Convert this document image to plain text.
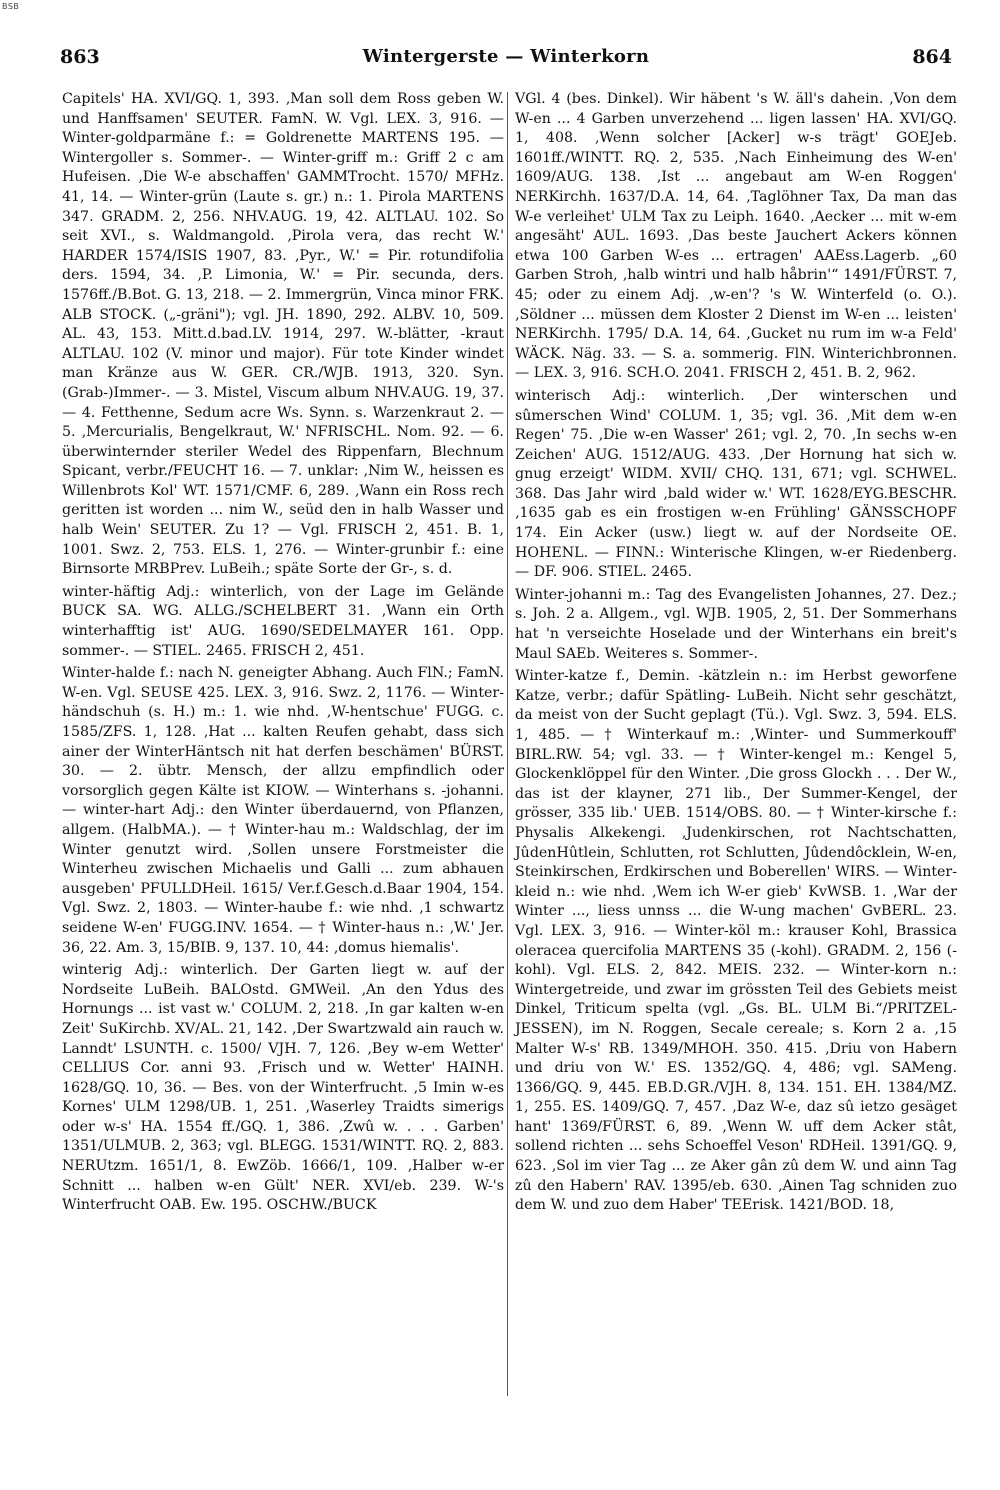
BSB
863	Wintergerste — Winterkorn	864

Capitels' HA. XVI/GQ. 1, 393. ‚Man soll dem Ross geben W. und Hanffsamen' SEUTER. FamN. W. Vgl. LEX. 3, 916. — Winter-goldparmäne f.: = Goldrenette MARTENS 195. — Wintergoller s. Sommer-. — Winter-griff m.: Griff 2 c am Hufeisen. ‚Die W-e abschaffen' GAMMTrocht. 1570/ MFHz. 41, 14. — Winter-grün (Laute s. gr.) n.: 1. Pirola MARTENS 347. GRADM. 2, 256. NHV.AUG. 19, 42. ALTLAU. 102. So seit XVI., s. Waldmangold. ‚Pirola vera, das recht W.' HARDER 1574/ISIS 1907, 83. ‚Pyr., W.' = Pir. rotundifolia ders. 1594, 34. ‚P. Limonia, W.' = Pir. secunda, ders. 1576ff./B.Bot. G. 13, 218. — 2. Immergrün, Vinca minor FRK. ALB STOCK. („-gräni"); vgl. JH. 1890, 292. ALBV. 10, 509. AL. 43, 153. Mitt.d.bad.LV. 1914, 297. W.-blätter, -kraut ALTLAU. 102 (V. minor und major). Für tote Kinder windet man Kränze aus W. GER. CR./WJB. 1913, 320. Syn. (Grab-)Immer-. — 3. Mistel, Viscum album NHV.AUG. 19, 37. — 4. Fetthenne, Sedum acre Ws. Synn. s. Warzenkraut 2. — 5. ‚Mercurialis, Bengelkraut, W.' NFRISCHL. Nom. 92. — 6. überwinternder steriler Wedel des Rippenfarn, Blechnum Spicant, verbr./FEUCHT 16. — 7. unklar: ‚Nim W., heissen es Willenbrots Kol' WT. 1571/CMF. 6, 289. ‚Wann ein Ross rech geritten ist worden ... nim W., seüd den in halb Wasser und halb Wein' SEUTER. Zu 1? — Vgl. FRISCH 2, 451. B. 1, 1001. Swz. 2, 753. ELS. 1, 276. — Winter-grunbir f.: eine Birnsorte MRBPrev. LuBeih.; späte Sorte der Gr-, s. d.

winter-häftig Adj.: winterlich, von der Lage im Gelände BUCK SA. WG. ALLG./SCHELBERT 31. ‚Wann ein Orth winterhafftig ist' AUG. 1690/SEDELMAYER 161. Opp. sommer-. — STIEL. 2465. FRISCH 2, 451.

Winter-halde f.: nach N. geneigter Abhang. Auch FlN.; FamN. W-en. Vgl. SEUSE 425. LEX. 3, 916. Swz. 2, 1176. — Winter-händschuh (s. H.) m.: 1. wie nhd. ‚W-hentschue' FUGG. c. 1585/ZFS. 1, 128. ‚Hat ... kalten Reufen gehabt, dass sich ainer der WinterHäntsch nit hat derfen beschämen' BÜRST. 30. — 2. übtr. Mensch, der allzu empfindlich oder vorsorglich gegen Kälte ist KIOW. — Winterhans s. -johanni. — winter-hart Adj.: den Winter überdauernd, von Pflanzen, allgem. (HalbMA.). — † Winter-hau m.: Waldschlag, der im Winter genutzt wird. ‚Sollen unsere Forstmeister die Winterheu zwischen Michaelis und Galli ... zum abhauen ausgeben' PFULLDHeil. 1615/ Ver.f.Gesch.d.Baar 1904, 154. Vgl. Swz. 2, 1803. — Winter-haube f.: wie nhd. ‚1 schwartz seidene W-en' FUGG.INV. 1654. — † Winter-haus n.: ‚W.' Jer. 36, 22. Am. 3, 15/BIB. 9, 137. 10, 44: ‚domus hiemalis'.

winterig Adj.: winterlich. Der Garten liegt w. auf der Nordseite LuBeih. BALOstd. GMWeil. ‚An den Ydus des Hornungs ... ist vast w.' COLUM. 2, 218. ‚In gar kalten w-en Zeit' SuKirchb. XV/AL. 21, 142. ‚Der Swartzwald ain rauch w. Lanndt' LSUNTH. c. 1500/ VJH. 7, 126. ‚Bey w-em Wetter' CELLIUS Cor. anni 93. ‚Frisch und w. Wetter' HAINH. 1628/GQ. 10, 36. — Bes. von der Winterfrucht. ‚5 Imin w-es Kornes' ULM 1298/UB. 1, 251. ‚Waserley Traidts simerigs oder w-s' HA. 1554 ff./GQ. 1, 386. ‚Zwû w. . . . Garben' 1351/ULMUB. 2, 363; vgl. BLEGG. 1531/WINTT. RQ. 2, 883. NERUtzm. 1651/1, 8. EwZöb. 1666/1, 109. ‚Halber w-er Schnitt ... halben w-en Gült' NER. XVI/eb. 239. W-'s Winterfrucht OAB. Ew. 195. OSCHW./BUCK

VGl. 4 (bes. Dinkel). Wir häbent 's W. äll's dahein. ‚Von dem W-en ... 4 Garben unverzehend ... ligen lassen' HA. XVI/GQ. 1, 408. ‚Wenn solcher [Acker] w-s trägt' GOEJeb. 1601ff./WINTT. RQ. 2, 535. ‚Nach Einheimung des W-en' 1609/AUG. 138. ‚Ist ... angebaut am W-en Roggen' NERKirchh. 1637/D.A. 14, 64. ‚Taglöhner Tax, Da man das W-e verleihet' ULM Tax zu Leiph. 1640. ‚Aecker ... mit w-em angesäht' AUL. 1693. ‚Das beste Jauchert Ackers können etwa 100 Garben W-es ... ertragen' AAEss.Lagerb. „60 Garben Stroh, ‚halb wintri und halb håbrin'“ 1491/FÜRST. 7, 45; oder zu einem Adj. ‚w-en'? 's W. Winterfeld (o. O.). ‚Söldner ... müssen dem Kloster 2 Dienst im W-en ... leisten' NERKirchh. 1795/ D.A. 14, 64. ‚Gucket nu rum im w-a Feld' WÄCK. Näg. 33. — S. a. sommerig. FlN. Winterichbronnen. — LEX. 3, 916. SCH.O. 2041. FRISCH 2, 451. B. 2, 962.

winterisch Adj.: winterlich. ‚Der winterschen und sûmerschen Wind' COLUM. 1, 35; vgl. 36. ‚Mit dem w-en Regen' 75. ‚Die w-en Wasser' 261; vgl. 2, 70. ‚In sechs w-en Zeichen' AUG. 1512/AUG. 433. ‚Der Hornung hat sich w. gnug erzeigt' WIDM. XVII/ CHQ. 131, 671; vgl. SCHWEL. 368. Das Jahr wird ‚bald wider w.' WT. 1628/EYG.BESCHR. ‚1635 gab es ein frostigen w-en Frühling' GÄNSSCHOPF 174. Ein Acker (usw.) liegt w. auf der Nordseite OE. HOHENL. — FINN.: Winterische Klingen, w-er Riedenberg. — DF. 906. STIEL. 2465.

Winter-johanni m.: Tag des Evangelisten Johannes, 27. Dez.; s. Joh. 2 a. Allgem., vgl. WJB. 1905, 2, 51. Der Sommerhans hat 'n verseichte Hoselade und der Winterhans ein breit's Maul SAEb. Weiteres s. Sommer-.

Winter-katze f., Demin. -kätzlein n.: im Herbst geworfene Katze, verbr.; dafür Spätling- LuBeih. Nicht sehr geschätzt, da meist von der Sucht geplagt (Tü.). Vgl. Swz. 3, 594. ELS. 1, 485. — † Winterkauf m.: ‚Winter- und Summerkouff' BIRL.RW. 54; vgl. 33. — † Winter-kengel m.: Kengel 5, Glockenklöppel für den Winter. ‚Die gross Glockh . . . Der W., das ist der klayner, 271 lib., Der Summer-Kengel, der grösser, 335 lib.' UEB. 1514/OBS. 80. — † Winter-kirsche f.: Physalis Alkekengi. ‚Judenkirschen, rot Nachtschatten, JûdenHûtlein, Schlutten, rot Schlutten, Jûdendôcklein, W-en, Steinkirschen, Erdkirschen und Boberellen' WIRS. — Winter-kleid n.: wie nhd. ‚Wem ich W-er gieb' KvWSB. 1. ‚War der Winter ..., liess unnss ... die W-ung machen' GvBERL. 23. Vgl. LEX. 3, 916. — Winter-köl m.: krauser Kohl, Brassica oleracea quercifolia MARTENS 35 (-kohl). GRADM. 2, 156 (-kohl). Vgl. ELS. 2, 842. MEIS. 232. — Winter-korn n.: Wintergetreide, und zwar im grössten Teil des Gebiets meist Dinkel, Triticum spelta (vgl. „Gs. BL. ULM Bi.“/PRITZEL-JESSEN), im N. Roggen, Secale cereale; s. Korn 2 a. ‚15 Malter W-s' RB. 1349/MHOH. 350. 415. ‚Driu von Habern und driu von W.' ES. 1352/GQ. 4, 486; vgl. SAMeng. 1366/GQ. 9, 445. EB.D.GR./VJH. 8, 134. 151. EH. 1384/MZ. 1, 255. ES. 1409/GQ. 7, 457. ‚Daz W-e, daz sû ietzo gesäget hant' 1369/FÜRST. 6, 89. ‚Wenn W. uff dem Acker stât, sollend richten ... sehs Schoeffel Veson' RDHeil. 1391/GQ. 9, 623. ‚Sol im vier Tag ... ze Aker gân zû dem W. und ainn Tag zû den Habern' RAV. 1395/eb. 630. ‚Ainen Tag schniden zuo dem W. und zuo dem Haber' TEErisk. 1421/BOD. 18,
